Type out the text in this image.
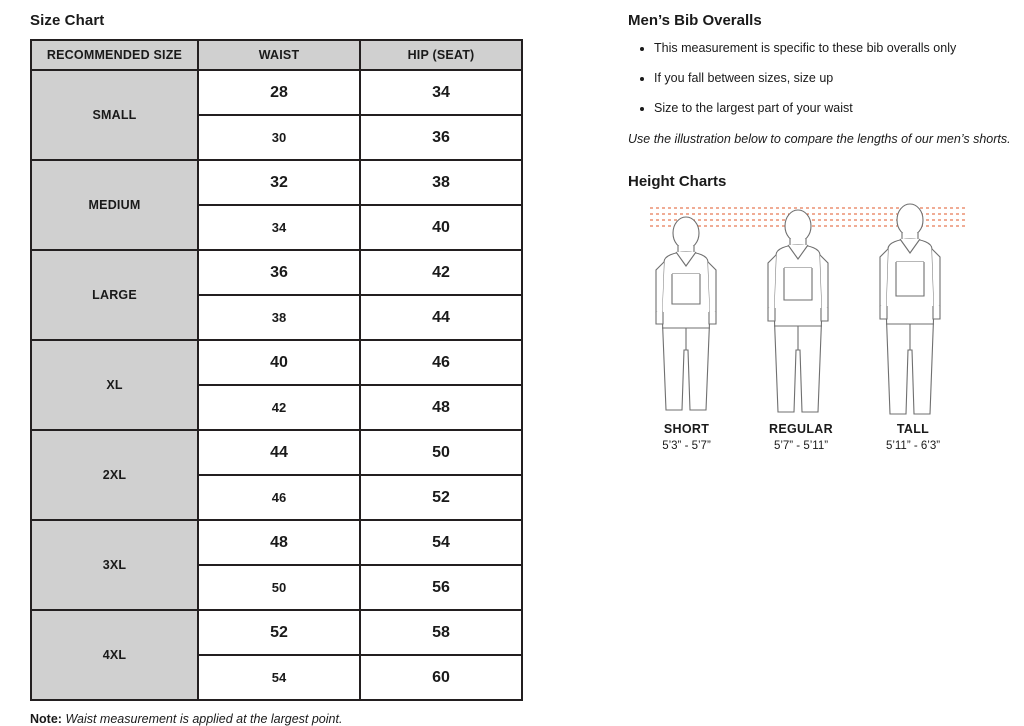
Size Chart
RECOMMENDED SIZE	WAIST	HIP (SEAT)
SMALL	28	34
	30	36
MEDIUM	32	38
	34	40
LARGE	36	42
	38	44
XL	40	46
	42	48
2XL	44	50
	46	52
3XL	48	54
	50	56
4XL	52	58
	54	60
Note: Waist measurement is applied at the largest point.
Men’s Bib Overalls
• This measurement is specific to these bib overalls only
• If you fall between sizes, size up
• Size to the largest part of your waist

Use the illustration below to compare the lengths of our men’s shorts.

Height Charts
SHORT
5’3” - 5’7”
REGULAR
5’7” - 5’11”
TALL
5’11” - 6’3”
